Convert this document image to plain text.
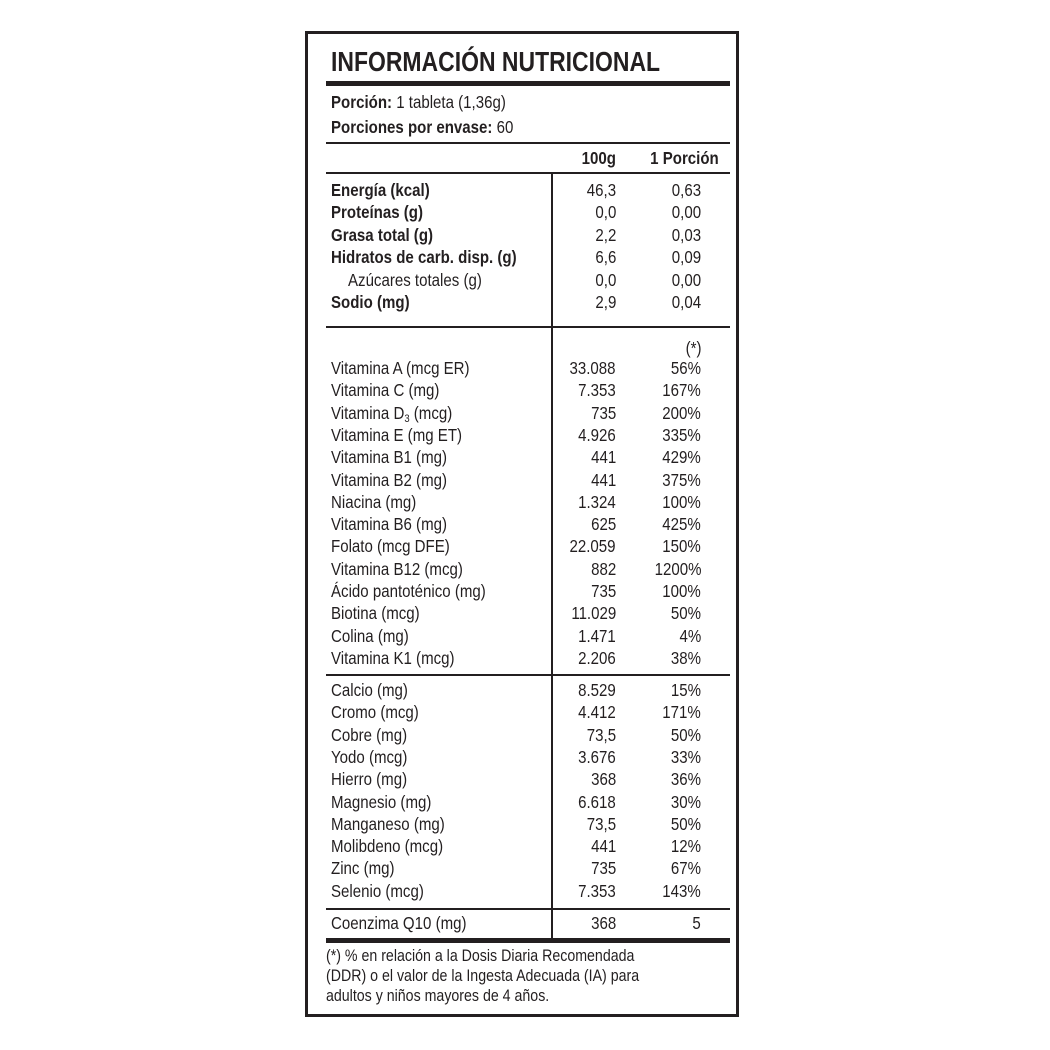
INFORMACIÓN NUTRICIONAL
Porción: 1 tableta (1,36g)
Porciones por envase: 60
100g 1 Porción
Energía (kcal)	46,3	0,63
Proteínas (g)	0,0	0,00
Grasa total (g)	2,2	0,03
Hidratos de carb. disp. (g)	6,6	0,09
Azúcares totales (g)	0,0	0,00
Sodio (mg)	2,9	0,04
(*)
Vitamina A (mcg ER)	33.088	56%
Vitamina C (mg)	7.353	167%
Vitamina $D_3$ (mcg)	735	200%
Vitamina E (mg ET)	4.926	335%
Vitamina B1 (mg)	441	429%
Vitamina B2 (mg)	441	375%
Niacina (mg)	1.324	100%
Vitamina B6 (mg)	625	425%
Folato (mcg DFE)	22.059	150%
Vitamina B12 (mcg)	882 1200%
Ácido pantoténico (mg)	735	100%
Biotina (mcg)	11.029	50%
Colina (mg)	1.471	4%
Vitamina K1 (mcg)	2.206	38%
Calcio (mg)	8.529	15%
Cromo (mcg)	4.412	171%
Cobre (mg)	73,5	50%
Yodo (mcg)	3.676	33%
Hierro (mg)	368	36%
Magnesio (mg)	6.618	30%
Manganeso (mg)	73,5	50%
Molibdeno (mcg)	441	12%
Zinc (mg)	735	67%
Selenio (mcg)	7.353	143%
Coenzima Q10 (mg)	368	5
(*) % en relación a la Dosis Diaria Recomendada
(DDR) o el valor de la Ingesta Adecuada (IA) para
adultos y niños mayores de 4 años.
